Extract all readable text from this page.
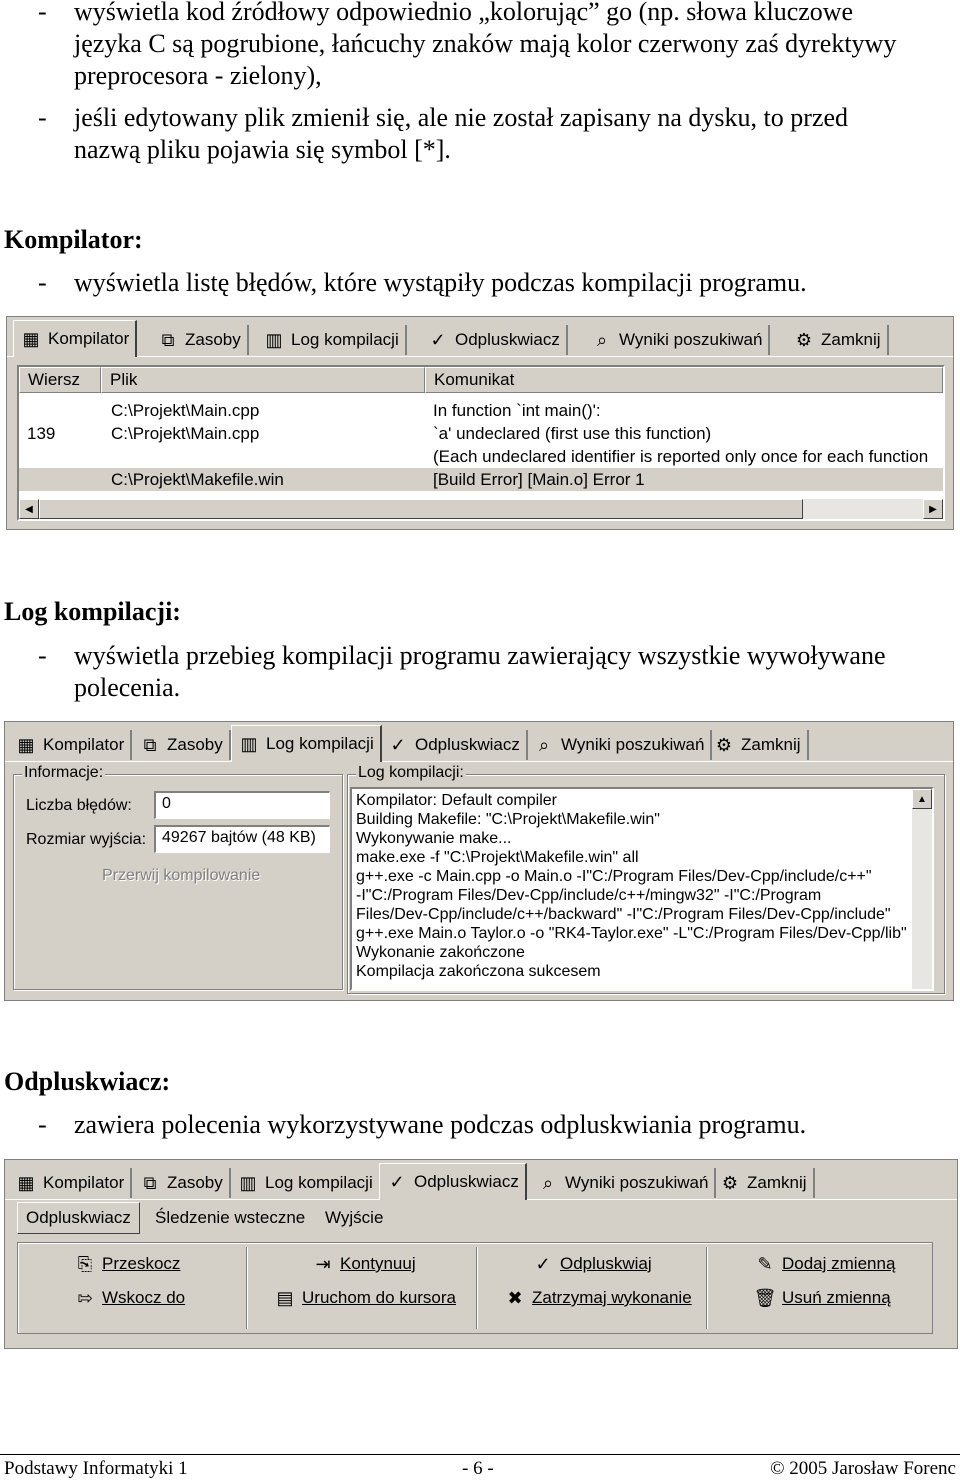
- wyświetla kod źródłowy odpowiednio „kolorując” go (np. słowa kluczowe
języka C są pogrubione, łańcuchy znaków mają kolor czerwony zaś dyrektywy
preprocesora - zielony),
- jeśli edytowany plik zmienił się, ale nie został zapisany na dysku, to przed
nazwą pliku pojawia się symbol [*].
Kompilator:
- wyświetla listę błędów, które wystąpiły podczas kompilacji programu.
▦ Kompilator ⧉ Zasoby ▥ Log kompilacji ✓ Odpluskwiacz	⌕ Wyniki poszukiwań ⚙ Zamknij
Wiersz	Plik	Komunikat
C:\Projekt\Main.cpp	In function `int main()':
139	C:\Projekt\Main.cpp	`a' undeclared (first use this function)
(Each undeclared identifier is reported only once for each function
C:\Projekt\Makefile.win	[Build Error] [Main.o] Error 1
◀	▶
Log kompilacji:
- wyświetla przebieg kompilacji programu zawierający wszystkie wywoływane
polecenia.
▦ Kompilator ⧉ Zasoby ▥ Log kompilacji ✓ Odpluskwiacz	⌕ Wyniki poszukiwań ⚙ Zamknij
Informacje:
Liczba błędów:	0
Rozmiar wyjścia: 49267 bajtów (48 KB)
Przerwij kompilowanie
Log kompilacji:
Kompilator: Default compiler
Building Makefile: "C:\Projekt\Makefile.win"
Wykonywanie make...
make.exe -f "C:\Projekt\Makefile.win" all
g++.exe -c Main.cpp -o Main.o -I"C:/Program Files/Dev-Cpp/include/c++"
-I"C:/Program Files/Dev-Cpp/include/c++/mingw32" -I"C:/Program
Files/Dev-Cpp/include/c++/backward" -I"C:/Program Files/Dev-Cpp/include"
g++.exe Main.o Taylor.o -o "RK4-Taylor.exe" -L"C:/Program Files/Dev-Cpp/lib"
Wykonanie zakończone
Kompilacja zakończona sukcesem
▲
Odpluskwiacz:
- zawiera polecenia wykorzystywane podczas odpluskwiania programu.
▦ Kompilator ⧉ Zasoby ▥ Log kompilacji ✓ Odpluskwiacz	⌕ Wyniki poszukiwań ⚙ Zamknij
Odpluskwiacz	Śledzenie wsteczne	Wyjście
⎘ Przeskocz
⇰ Wskocz do
⇥ Kontynuuj
▤ Uruchom do kursora
✓ Odpluskwiaj
✖ Zatrzymaj wykonanie
✎ Dodaj zmienną
🗑 Usuń zmienną
Podstawy Informatyki 1	- 6 -	© 2005 Jarosław Forenc
